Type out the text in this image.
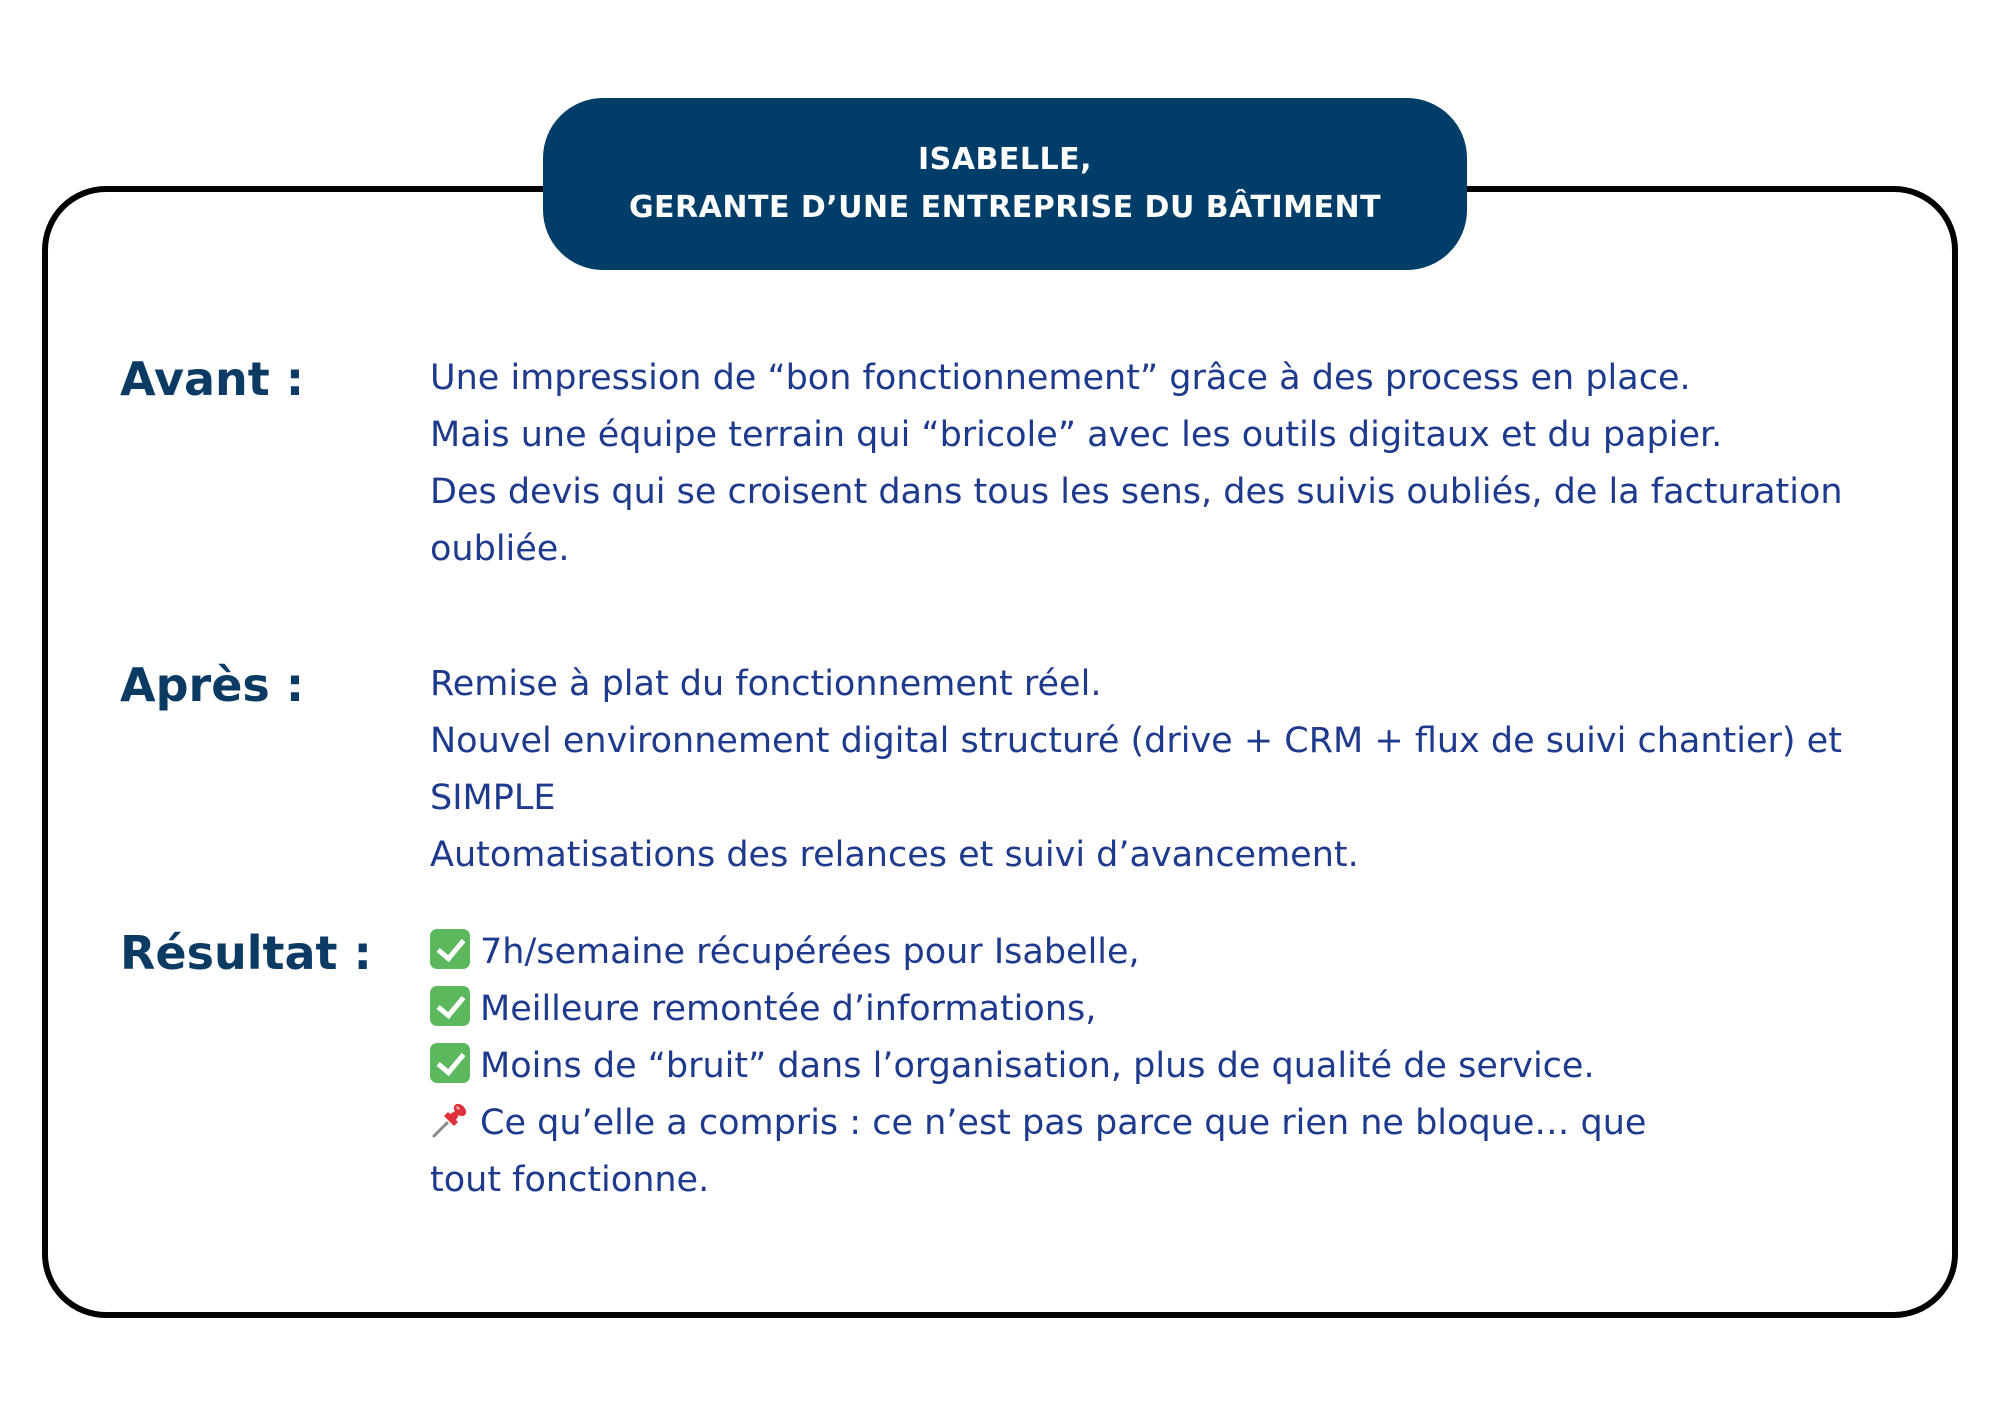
ISABELLE,
GERANTE D’UNE ENTREPRISE DU BÂTIMENT
Avant :	Une impression de “bon fonctionnement” grâce à des process en place.
Mais une équipe terrain qui “bricole” avec les outils digitaux et du papier.
Des devis qui se croisent dans tous les sens, des suivis oubliés, de la facturation
oubliée.
Après :	Remise à plat du fonctionnement réel.
Nouvel environnement digital structuré (drive + CRM + flux de suivi chantier) et
SIMPLE
Automatisations des relances et suivi d’avancement.
Résultat :	7h/semaine récupérées pour Isabelle,
Meilleure remontée d’informations,
Moins de “bruit” dans l’organisation, plus de qualité de service.
Ce qu’elle a compris : ce n’est pas parce que rien ne bloque… que
tout fonctionne.
